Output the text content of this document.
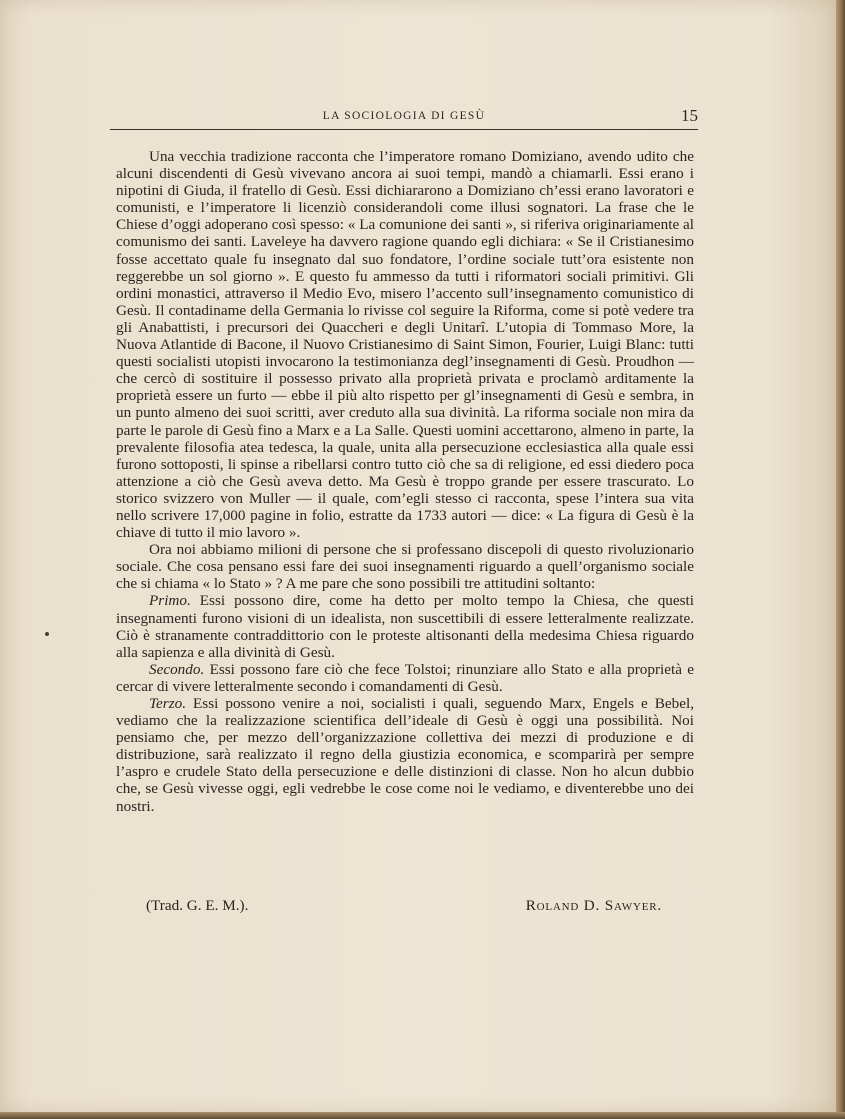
LA SOCIOLOGIA DI GESÙ	15

Una vecchia tradizione racconta che l’imperatore romano Domiziano, avendo udito che alcuni discendenti di Gesù vivevano ancora ai suoi tempi, mandò a chiamarli. Essi erano i nipotini di Giuda, il fratello di Gesù. Essi dichiararono a Domiziano ch’essi erano lavoratori e comunisti, e l’imperatore li licenziò considerandoli come illusi sognatori. La frase che le Chiese d’oggi adoperano così spesso: « La comunione dei santi », si riferiva originariamente al comunismo dei santi. Laveleye ha davvero ragione quando egli dichiara: « Se il Cristianesimo fosse accettato quale fu insegnato dal suo fondatore, l’ordine sociale tutt’ora esistente non reggerebbe un sol giorno ». E questo fu ammesso da tutti i riformatori sociali primitivi. Gli ordini monastici, attraverso il Medio Evo, misero l’accento sull’insegnamento comunistico di Gesù. Il contadiname della Germania lo rivisse col seguire la Riforma, come si potè vedere tra gli Anabattisti, i precursori dei Quaccheri e degli Unitarî. L’utopia di Tommaso More, la Nuova Atlantide di Bacone, il Nuovo Cristianesimo di Saint Simon, Fourier, Luigi Blanc: tutti questi socialisti utopisti invocarono la testimonianza degl’insegnamenti di Gesù. Proudhon — che cercò di sostituire il possesso privato alla proprietà privata e proclamò arditamente la proprietà essere un furto — ebbe il più alto rispetto per gl’insegnamenti di Gesù e sembra, in un punto almeno dei suoi scritti, aver creduto alla sua divinità. La riforma sociale non mira da parte le parole di Gesù fino a Marx e a La Salle. Questi uomini accettarono, almeno in parte, la prevalente filosofia atea tedesca, la quale, unita alla persecuzione ecclesiastica alla quale essi furono sottoposti, li spinse a ribellarsi contro tutto ciò che sa di religione, ed essi diedero poca attenzione a ciò che Gesù aveva detto. Ma Gesù è troppo grande per essere trascurato. Lo storico svizzero von Muller — il quale, com’egli stesso ci racconta, spese l’intera sua vita nello scrivere 17,000 pagine in folio, estratte da 1733 autori — dice: « La figura di Gesù è la chiave di tutto il mio lavoro ».

Ora noi abbiamo milioni di persone che si professano discepoli di questo rivoluzionario sociale. Che cosa pensano essi fare dei suoi insegnamenti riguardo a quell’organismo sociale che si chiama « lo Stato » ? A me pare che sono possibili tre attitudini soltanto:

Primo. Essi possono dire, come ha detto per molto tempo la Chiesa, che questi insegnamenti furono visioni di un idealista, non suscettibili di essere letteralmente realizzate. Ciò è stranamente contraddittorio con le proteste altisonanti della medesima Chiesa riguardo alla sapienza e alla divinità di Gesù.

Secondo. Essi possono fare ciò che fece Tolstoi; rinunziare allo Stato e alla proprietà e cercar di vivere letteralmente secondo i comandamenti di Gesù.

Terzo. Essi possono venire a noi, socialisti i quali, seguendo Marx, Engels e Bebel, vediamo che la realizzazione scientifica dell’ideale di Gesù è oggi una possibilità. Noi pensiamo che, per mezzo dell’organizzazione collettiva dei mezzi di produzione e di distribuzione, sarà realizzato il regno della giustizia economica, e scomparirà per sempre l’aspro e crudele Stato della persecuzione e delle distinzioni di classe. Non ho alcun dubbio che, se Gesù vivesse oggi, egli vedrebbe le cose come noi le vediamo, e diventerebbe uno dei nostri.

(Trad. G. E. M.).	Roland D. Sawyer.
